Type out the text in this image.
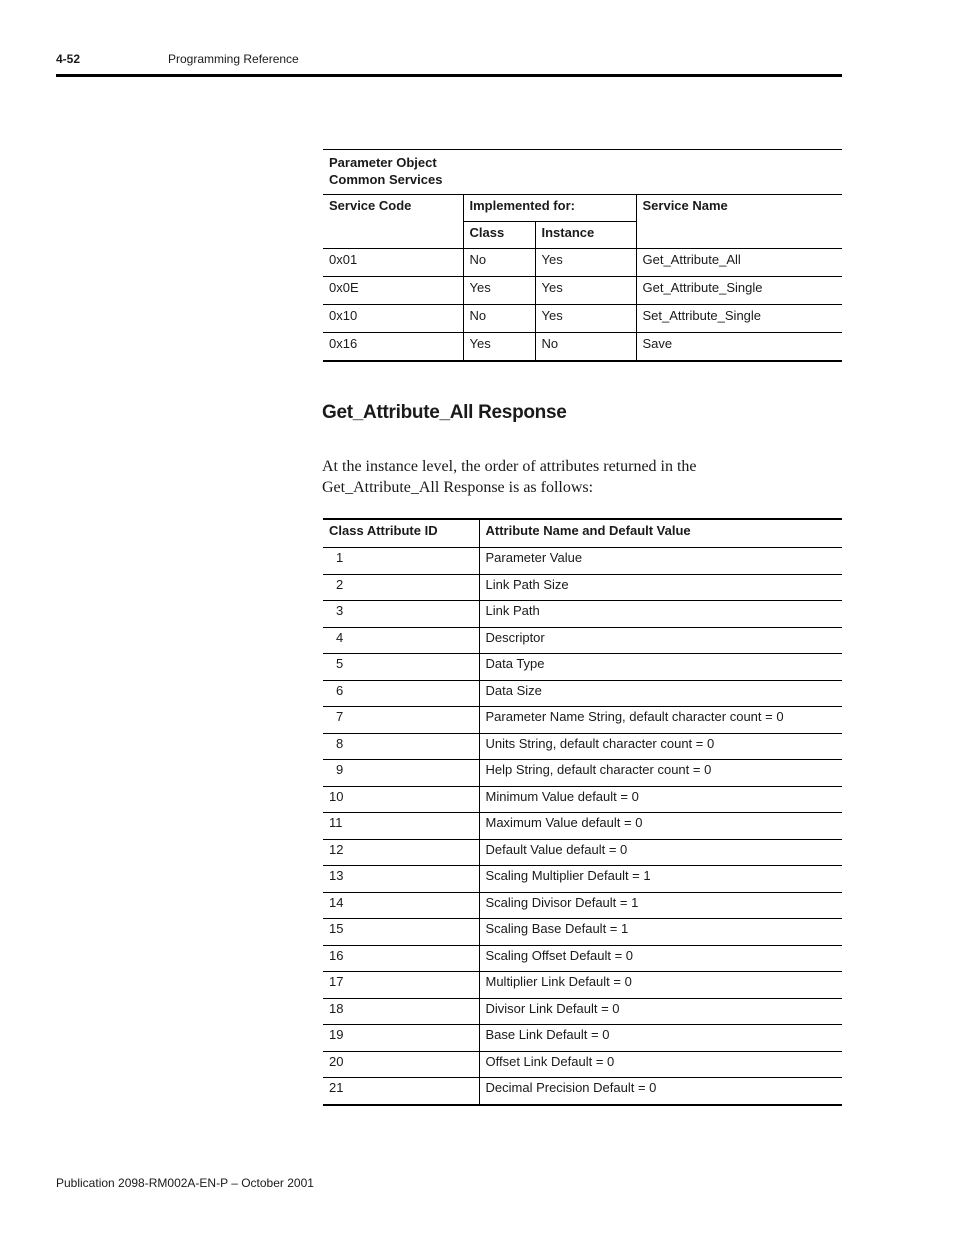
4-52	Programming Reference
Parameter Object
Common Services			
Service Code	Implemented for:		Service Name
	Class	Instance	
0x01	No	Yes	Get_Attribute_All
0x0E	Yes	Yes	Get_Attribute_Single
0x10	No	Yes	Set_Attribute_Single
0x16	Yes	No	Save
Get_Attribute_All Response

At the instance level, the order of attributes returned in the Get_Attribute_All Response is as follows:

Class Attribute ID	Attribute Name and Default Value
1	Parameter Value
2	Link Path Size
3	Link Path
4	Descriptor
5	Data Type
6	Data Size
7	Parameter Name String, default character count = 0
8	Units String, default character count = 0
9	Help String, default character count = 0
10	Minimum Value default = 0
11	Maximum Value default = 0
12	Default Value default = 0
13	Scaling Multiplier Default = 1
14	Scaling Divisor Default = 1
15	Scaling Base Default = 1
16	Scaling Offset Default = 0
17	Multiplier Link Default = 0
18	Divisor Link Default = 0
19	Base Link Default = 0
20	Offset Link Default = 0
21	Decimal Precision Default = 0
Publication 2098-RM002A-EN-P – October 2001
